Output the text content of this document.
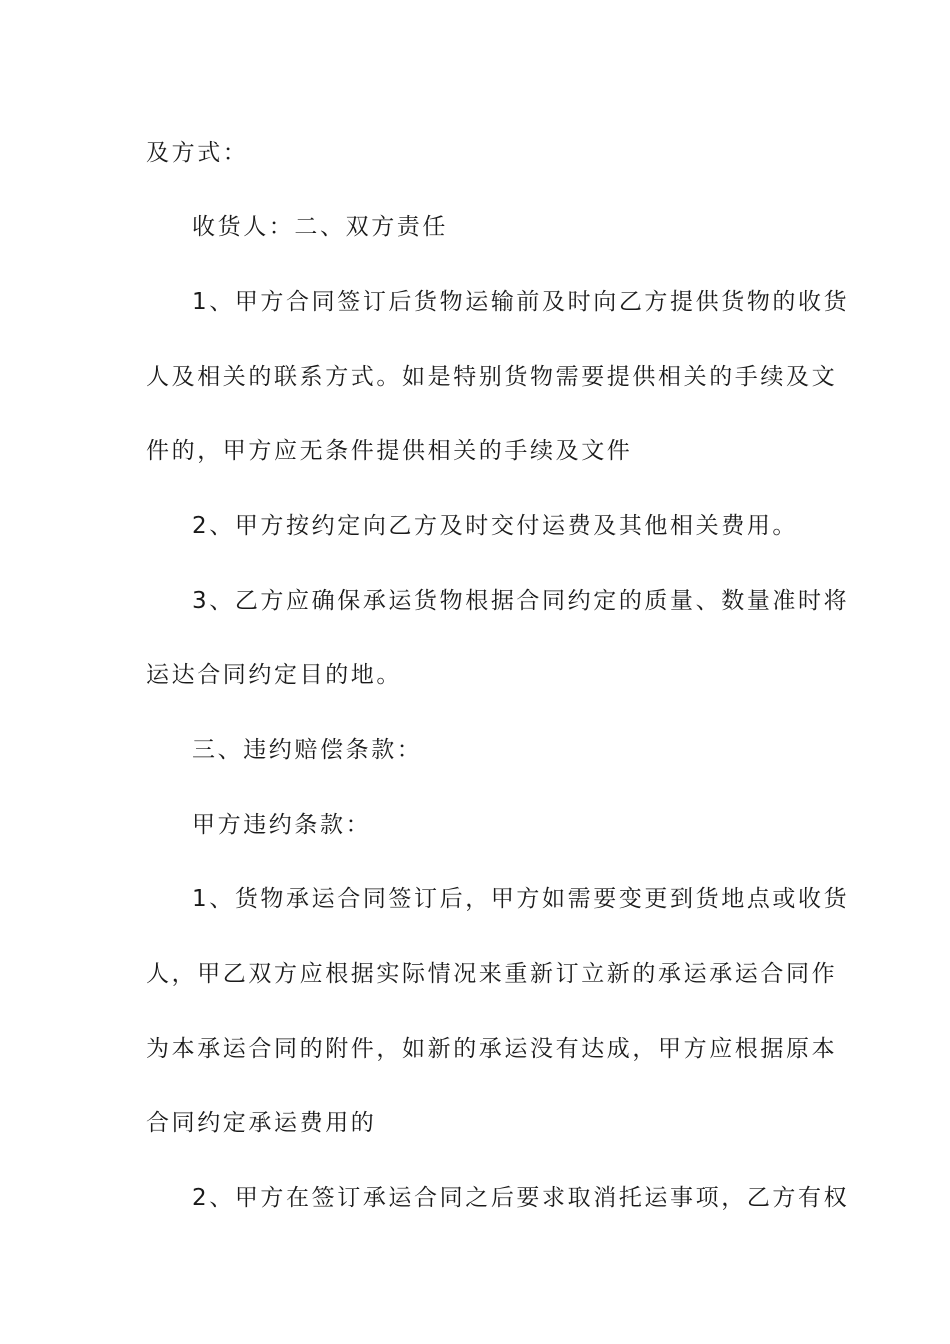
及方式：
收货人：二、双方责任
1、甲方合同签订后货物运输前及时向乙方提供货物的收货
人及相关的联系方式。如是特别货物需要提供相关的手续及文
件的，甲方应无条件提供相关的手续及文件
2、甲方按约定向乙方及时交付运费及其他相关费用。
3、乙方应确保承运货物根据合同约定的质量、数量准时将
运达合同约定目的地。
三、违约赔偿条款：
甲方违约条款：
1、货物承运合同签订后，甲方如需要变更到货地点或收货
人，甲乙双方应根据实际情况来重新订立新的承运承运合同作
为本承运合同的附件，如新的承运没有达成，甲方应根据原本
合同约定承运费用的
2、甲方在签订承运合同之后要求取消托运事项，乙方有权
